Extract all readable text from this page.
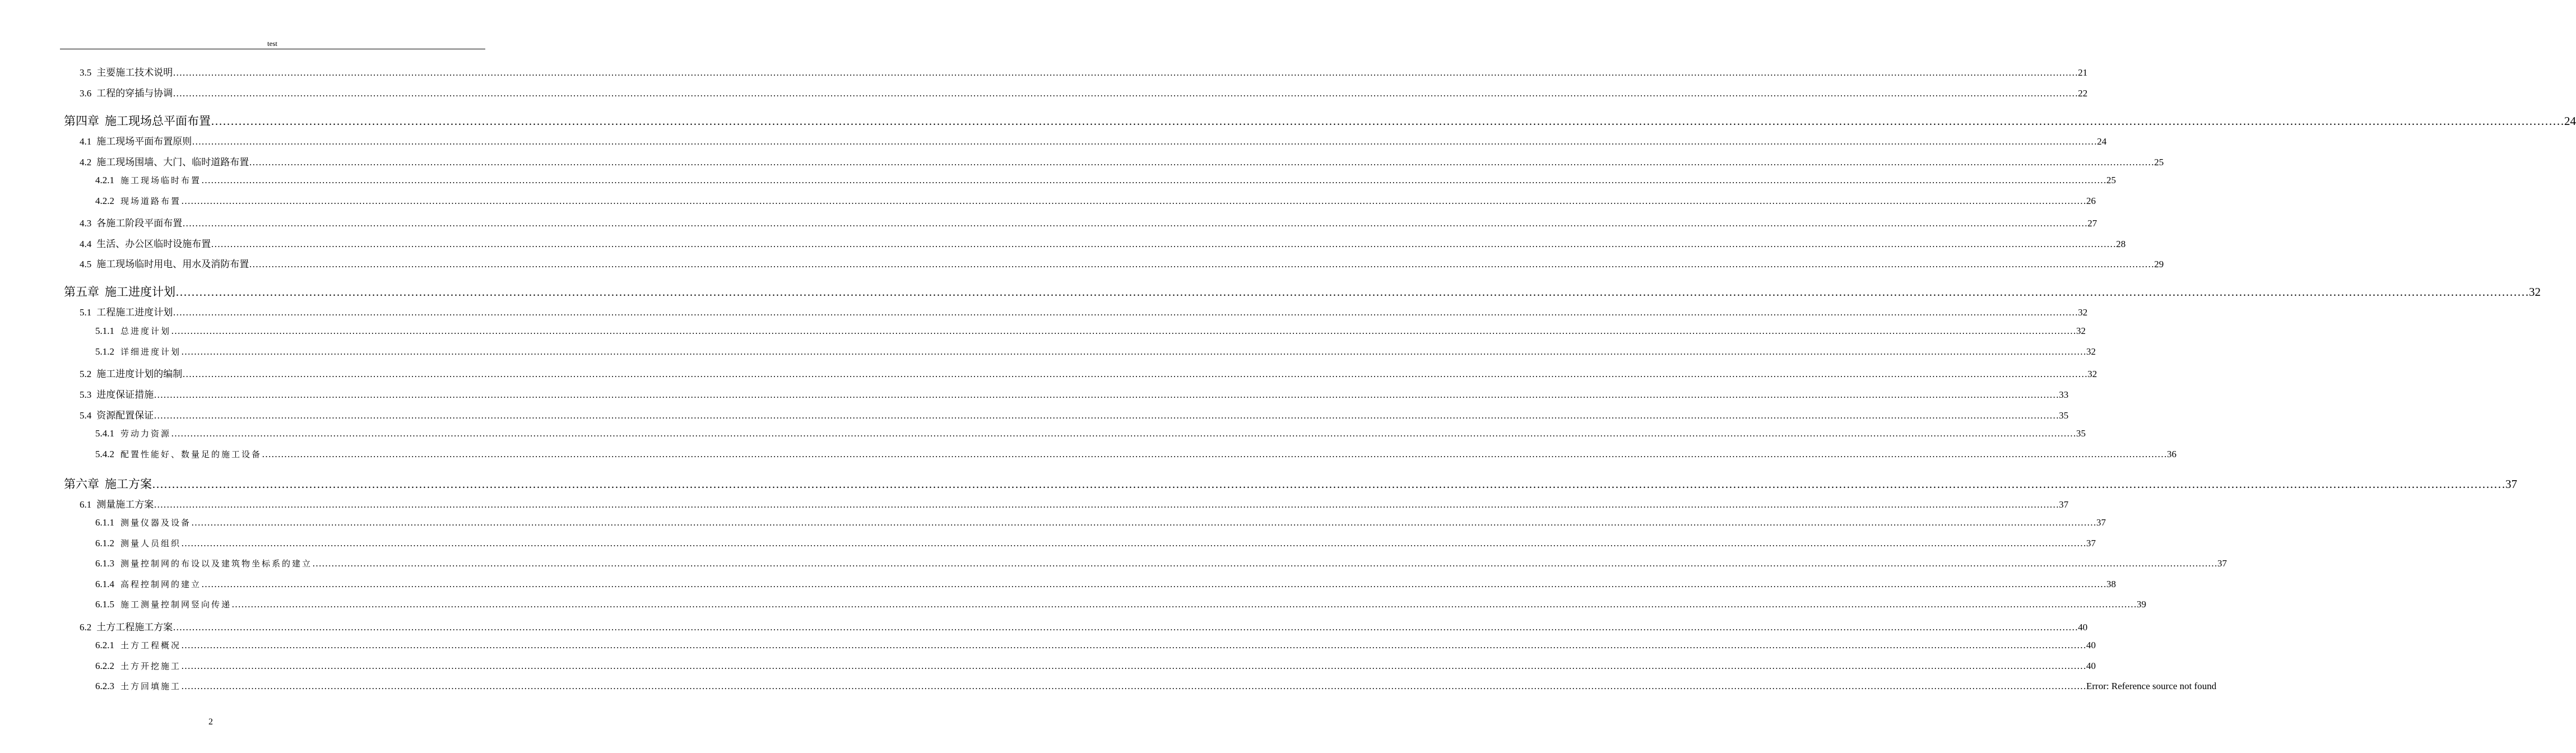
test
3.5 主要施工技术说明 …………………………………………………………………………………………………………………………………………………………………………………………………………………………………………………………………………………………………………………………………………………………………………………………………………………………………………………………………………………………………………………………………………………… 21
3.6 工程的穿插与协调 …………………………………………………………………………………………………………………………………………………………………………………………………………………………………………………………………………………………………………………………………………………………………………………………………………………………………………………………………………………………………………………………………………………… 22
第四章 施工现场总平面布置 …………………………………………………………………………………………………………………………………………………………………………………………………………………………………………………………………………………………………………………………………………………………………………………………………………………………………………………………………………………………………………………………………………………… 24
4.1 施工现场平面布置原则 …………………………………………………………………………………………………………………………………………………………………………………………………………………………………………………………………………………………………………………………………………………………………………………………………………………………………………………………………………………………………………………………………………………… 24
4.2 施工现场围墙、大门、临时道路布置 …………………………………………………………………………………………………………………………………………………………………………………………………………………………………………………………………………………………………………………………………………………………………………………………………………………………………………………………………………………………………………………………………………………… 25
4.2.1 施工现场临时布置 …………………………………………………………………………………………………………………………………………………………………………………………………………………………………………………………………………………………………………………………………………………………………………………………………………………………………………………………………………………………………………………………………………………… 25
4.2.2 现场道路布置 …………………………………………………………………………………………………………………………………………………………………………………………………………………………………………………………………………………………………………………………………………………………………………………………………………………………………………………………………………………………………………………………………………………… 26
4.3 各施工阶段平面布置 …………………………………………………………………………………………………………………………………………………………………………………………………………………………………………………………………………………………………………………………………………………………………………………………………………………………………………………………………………………………………………………………………………………… 27
4.4 生活、办公区临时设施布置 …………………………………………………………………………………………………………………………………………………………………………………………………………………………………………………………………………………………………………………………………………………………………………………………………………………………………………………………………………………………………………………………………………………… 28
4.5 施工现场临时用电、用水及消防布置 …………………………………………………………………………………………………………………………………………………………………………………………………………………………………………………………………………………………………………………………………………………………………………………………………………………………………………………………………………………………………………………………………………………… 29
第五章 施工进度计划 …………………………………………………………………………………………………………………………………………………………………………………………………………………………………………………………………………………………………………………………………………………………………………………………………………………………………………………………………………………………………………………………………………………… 32
5.1 工程施工进度计划 …………………………………………………………………………………………………………………………………………………………………………………………………………………………………………………………………………………………………………………………………………………………………………………………………………………………………………………………………………………………………………………………………………………… 32
5.1.1 总进度计划 …………………………………………………………………………………………………………………………………………………………………………………………………………………………………………………………………………………………………………………………………………………………………………………………………………………………………………………………………………………………………………………………………………………… 32
5.1.2 详细进度计划 …………………………………………………………………………………………………………………………………………………………………………………………………………………………………………………………………………………………………………………………………………………………………………………………………………………………………………………………………………………………………………………………………………………… 32
5.2 施工进度计划的编制 …………………………………………………………………………………………………………………………………………………………………………………………………………………………………………………………………………………………………………………………………………………………………………………………………………………………………………………………………………………………………………………………………………………… 32
5.3 进度保证措施 …………………………………………………………………………………………………………………………………………………………………………………………………………………………………………………………………………………………………………………………………………………………………………………………………………………………………………………………………………………………………………………………………………………… 33
5.4 资源配置保证 …………………………………………………………………………………………………………………………………………………………………………………………………………………………………………………………………………………………………………………………………………………………………………………………………………………………………………………………………………………………………………………………………………………… 35
5.4.1 劳动力资源 …………………………………………………………………………………………………………………………………………………………………………………………………………………………………………………………………………………………………………………………………………………………………………………………………………………………………………………………………………………………………………………………………………………… 35
5.4.2 配置性能好、数量足的施工设备 …………………………………………………………………………………………………………………………………………………………………………………………………………………………………………………………………………………………………………………………………………………………………………………………………………………………………………………………………………………………………………………………………………………… 36
第六章 施工方案 …………………………………………………………………………………………………………………………………………………………………………………………………………………………………………………………………………………………………………………………………………………………………………………………………………………………………………………………………………………………………………………………………………………… 37
6.1 测量施工方案 …………………………………………………………………………………………………………………………………………………………………………………………………………………………………………………………………………………………………………………………………………………………………………………………………………………………………………………………………………………………………………………………………………………… 37
6.1.1 测量仪器及设备 …………………………………………………………………………………………………………………………………………………………………………………………………………………………………………………………………………………………………………………………………………………………………………………………………………………………………………………………………………………………………………………………………………………… 37
6.1.2 测量人员组织 …………………………………………………………………………………………………………………………………………………………………………………………………………………………………………………………………………………………………………………………………………………………………………………………………………………………………………………………………………………………………………………………………………………… 37
6.1.3 测量控制网的布设以及建筑物坐标系的建立 …………………………………………………………………………………………………………………………………………………………………………………………………………………………………………………………………………………………………………………………………………………………………………………………………………………………………………………………………………………………………………………………………………………… 37
6.1.4 高程控制网的建立 …………………………………………………………………………………………………………………………………………………………………………………………………………………………………………………………………………………………………………………………………………………………………………………………………………………………………………………………………………………………………………………………………………………… 38
6.1.5 施工测量控制网竖向传递 …………………………………………………………………………………………………………………………………………………………………………………………………………………………………………………………………………………………………………………………………………………………………………………………………………………………………………………………………………………………………………………………………………………… 39
6.2 土方工程施工方案 …………………………………………………………………………………………………………………………………………………………………………………………………………………………………………………………………………………………………………………………………………………………………………………………………………………………………………………………………………………………………………………………………………………… 40
6.2.1 土方工程概况 …………………………………………………………………………………………………………………………………………………………………………………………………………………………………………………………………………………………………………………………………………………………………………………………………………………………………………………………………………………………………………………………………………………… 40
6.2.2 土方开挖施工 …………………………………………………………………………………………………………………………………………………………………………………………………………………………………………………………………………………………………………………………………………………………………………………………………………………………………………………………………………………………………………………………………………………… 40
6.2.3 土方回填施工 …………………………………………………………………………………………………………………………………………………………………………………………………………………………………………………………………………………………………………………………………………………………………………………………………………………………………………………………………………………………………………………………………………………… Error: Reference source not found
2
